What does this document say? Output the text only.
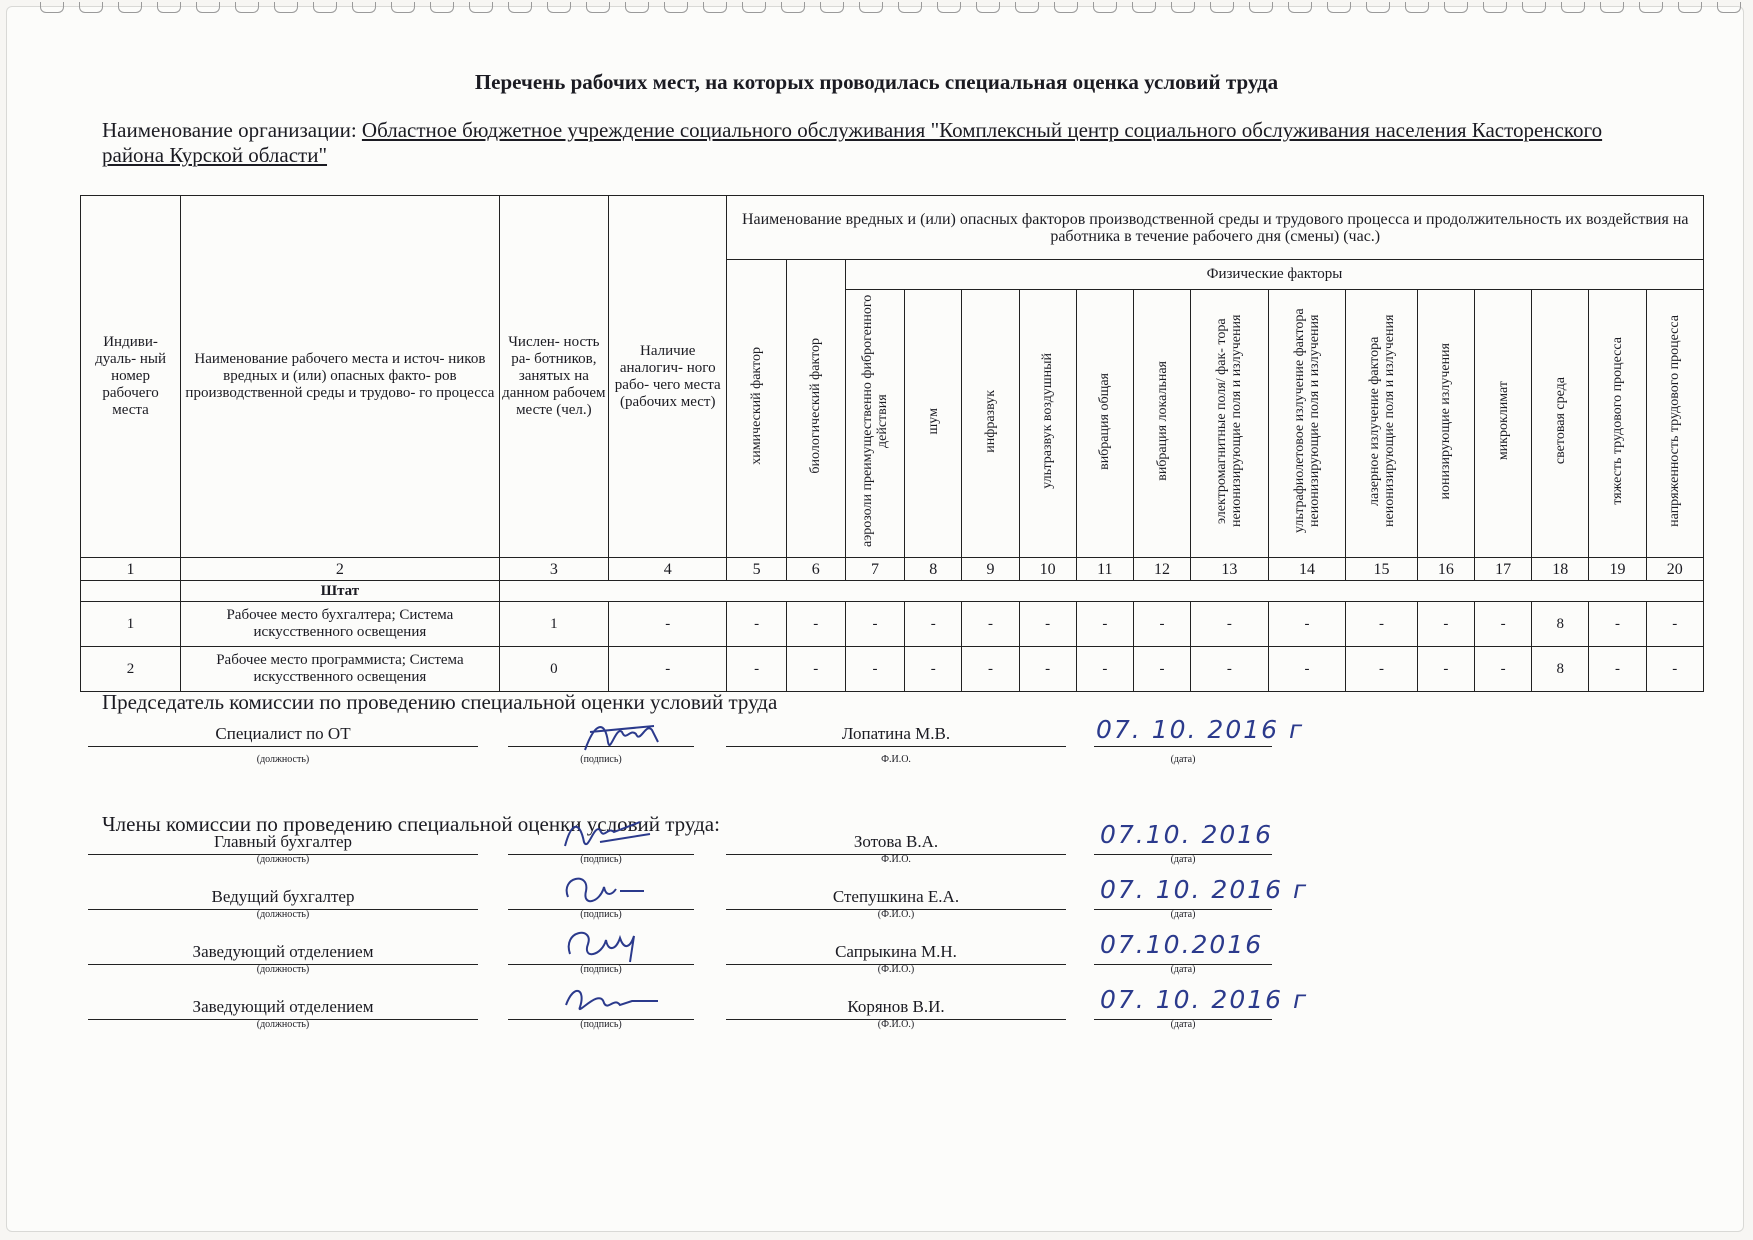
Перечень рабочих мест, на которых проводилась специальная оценка условий труда
Наименование организации: Областное бюджетное учреждение социального обслуживания "Комплексный центр социального обслуживания населения Касторенского района Курской области"
Индиви- дуаль- ный номер рабочего места	Наименование рабочего места и источ- ников вредных и (или) опасных факто- ров производственной среды и трудово- го процесса	Числен- ность ра- ботников, занятых на данном рабочем месте (чел.)	Наличие аналогич- ного рабо- чего места (рабочих мест)	Наименование вредных и (или) опасных факторов производственной среды и трудового процесса и продолжительность их воздействия на работника в течение рабочего дня (смены) (час.)															
				химический фактор	биологический фактор	Физические факторы													
						аэрозоли преимущественно фиброгенного действия	шум	инфразвук	ультразвук воздушный	вибрация общая	вибрация локальная	электромагнитные поля/ фак- тора неионизирующие поля и излучения	ультрафиолетовое излучение фактора неионизирующие поля и излучения	лазерное излучение фактора неионизирующие поля и излучения	ионизирующие излучения	микроклимат	световая среда	тяжесть трудового процесса	напряженность трудового процесса
1	2	3	4	5	6	7	8	9	10	11	12	13	14	15	16	17	18	19	20
	Штат																		
1	Рабочее место бухгалтера; Система искусственного освещения	1	-	-	-	-	-	-	-	-	-	-	-	-	-	-	8	-	-
2	Рабочее место программиста; Система искусственного освещения	0	-	-	-	-	-	-	-	-	-	-	-	-	-	-	8	-	-
Председатель комиссии по проведению специальной оценки условий труда
Специалист по ОТ	Лопатина М.В.
(должность)	(подпись)	Ф.И.О.	(дата)
07. 10. 2016 г
Члены комиссии по проведению специальной оценки условий труда:
Главный бухгалтер	Зотова В.А.
(должность)	(подпись)	Ф.И.О.	(дата)
07.10. 2016
Ведущий бухгалтер	Степушкина Е.А.
(должность)	(подпись)	(Ф.И.О.)	(дата)
07. 10. 2016 г
Заведующий отделением	Сапрыкина М.Н.
(должность)	(подпись)	(Ф.И.О.)	(дата)
07.10.2016
Заведующий отделением	Корянов В.И.
(должность)	(подпись)	(Ф.И.О.)	(дата)
07. 10. 2016 г
